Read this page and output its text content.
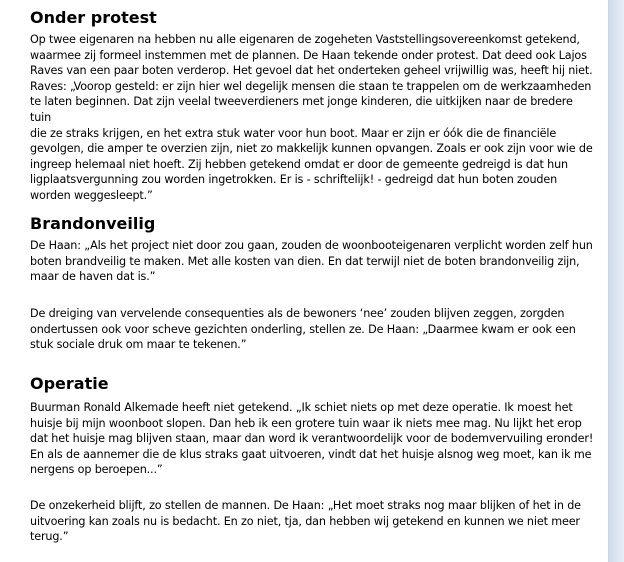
Onder protest

Op twee eigenaren na hebben nu alle eigenaren de zogeheten Vaststellingsovereenkomst getekend,
waarmee zij formeel instemmen met de plannen. De Haan tekende onder protest. Dat deed ook Lajos
Raves van een paar boten verderop. Het gevoel dat het onderteken geheel vrijwillig was, heeft hij niet.
Raves: „Voorop gesteld: er zijn hier wel degelijk mensen die staan te trappelen om de werkzaamheden
te laten beginnen. Dat zijn veelal tweeverdieners met jonge kinderen, die uitkijken naar de bredere tuin
die ze straks krijgen, en het extra stuk water voor hun boot. Maar er zijn er óók die de financiële
gevolgen, die amper te overzien zijn, niet zo makkelijk kunnen opvangen. Zoals er ook zijn voor wie de
ingreep helemaal niet hoeft. Zij hebben getekend omdat er door de gemeente gedreigd is dat hun
ligplaatsvergunning zou worden ingetrokken. Er is - schriftelijk! - gedreigd dat hun boten zouden
worden weggesleept.”

Brandonveilig

De Haan: „Als het project niet door zou gaan, zouden de woonbooteigenaren verplicht worden zelf hun
boten brandveilig te maken. Met alle kosten van dien. En dat terwijl niet de boten brandonveilig zijn,
maar de haven dat is.”

De dreiging van vervelende consequenties als de bewoners ‘nee’ zouden blijven zeggen, zorgden
ondertussen ook voor scheve gezichten onderling, stellen ze. De Haan: „Daarmee kwam er ook een
stuk sociale druk om maar te tekenen.”

Operatie

Buurman Ronald Alkemade heeft niet getekend. „Ik schiet niets op met deze operatie. Ik moest het
huisje bij mijn woonboot slopen. Dan heb ik een grotere tuin waar ik niets mee mag. Nu lijkt het erop
dat het huisje mag blijven staan, maar dan word ik verantwoordelijk voor de bodemvervuiling eronder!
En als de aannemer die de klus straks gaat uitvoeren, vindt dat het huisje alsnog weg moet, kan ik me
nergens op beroepen...”

De onzekerheid blijft, zo stellen de mannen. De Haan: „Het moet straks nog maar blijken of het in de
uitvoering kan zoals nu is bedacht. En zo niet, tja, dan hebben wij getekend en kunnen we niet meer
terug.”
